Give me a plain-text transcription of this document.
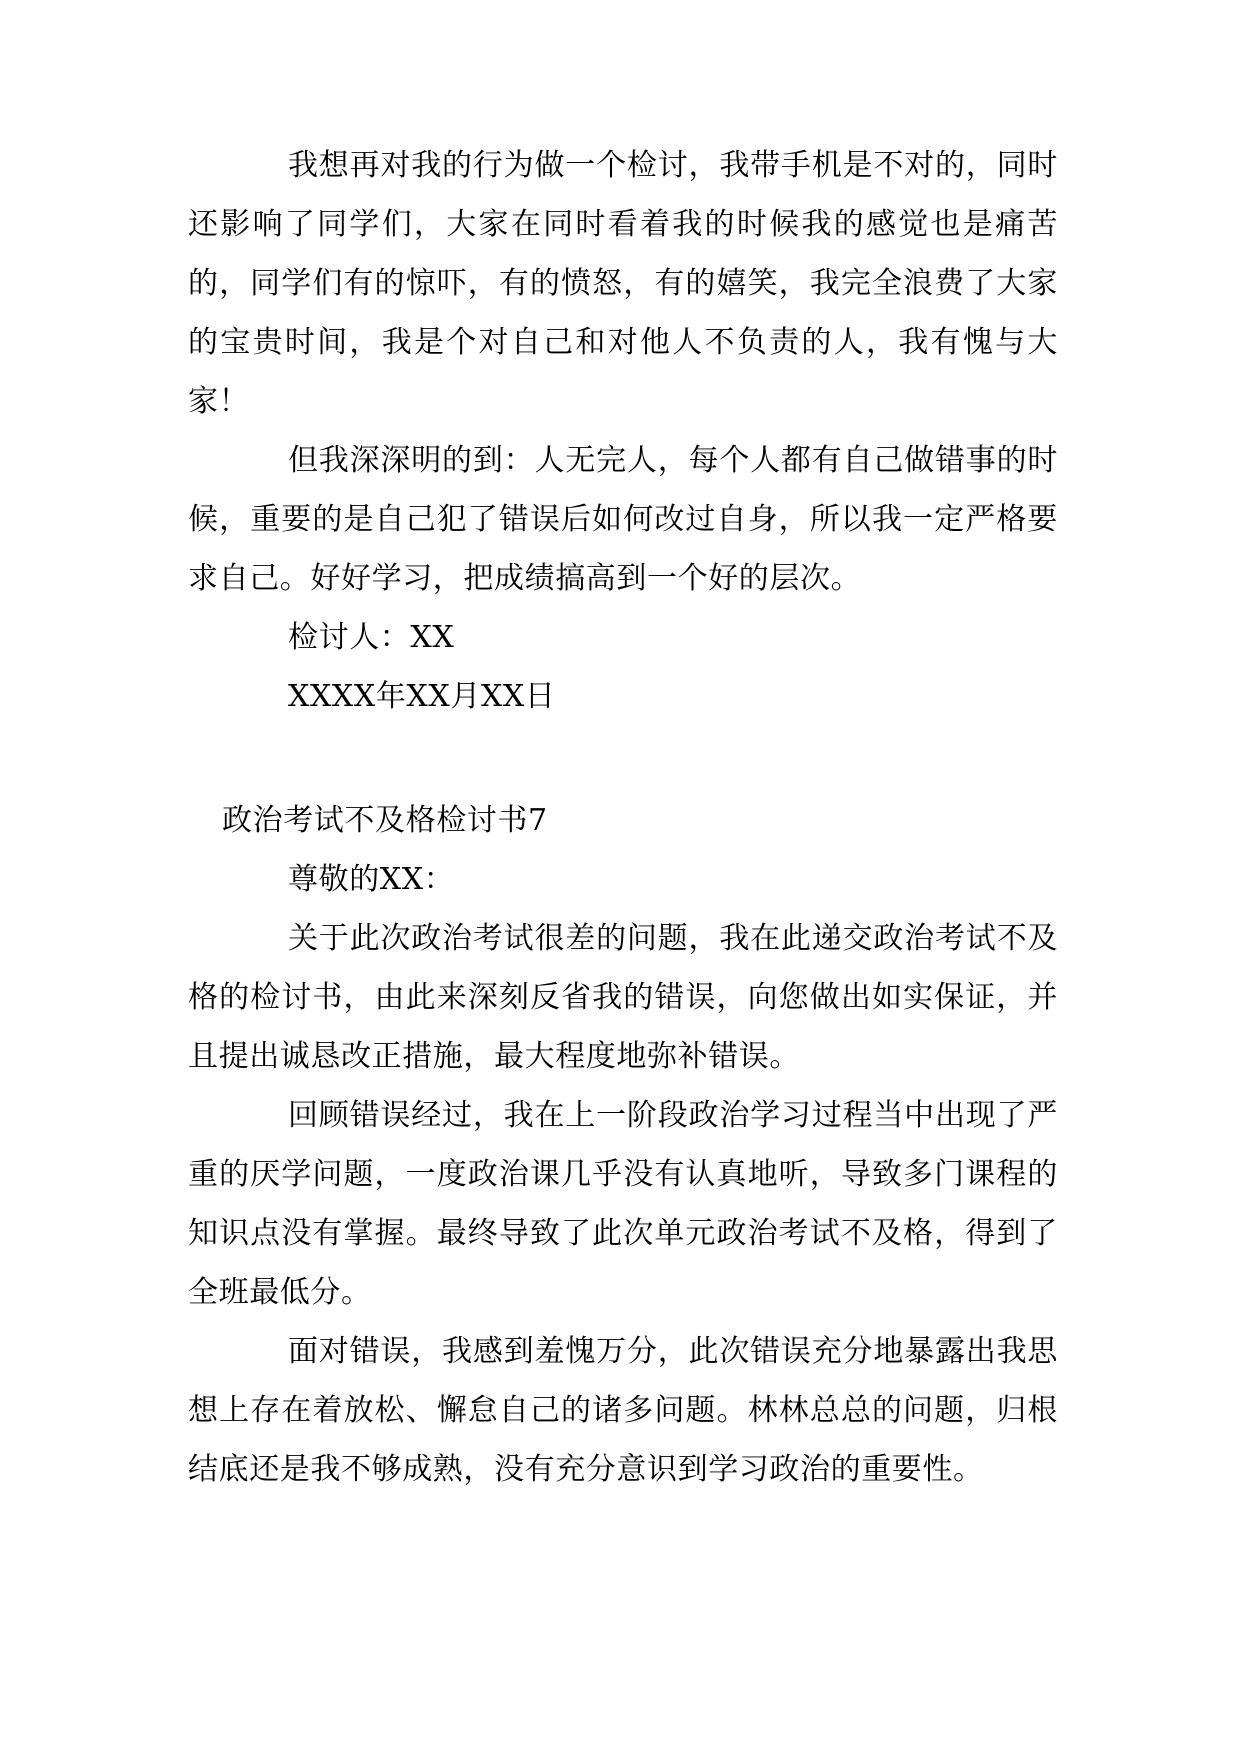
我想再对我的行为做一个检讨，我带手机是不对的，同时还影响了同学们，大家在同时看着我的时候我的感觉也是痛苦的，同学们有的惊吓，有的愤怒，有的嬉笑，我完全浪费了大家的宝贵时间，我是个对自己和对他人不负责的人，我有愧与大家！

但我深深明的到：人无完人，每个人都有自己做错事的时候，重要的是自己犯了错误后如何改过自身，所以我一定严格要求自己。好好学习，把成绩搞高到一个好的层次。

检讨人：XX
XXXX年XX月XX日
政治考试不及格检讨书7
尊敬的XX：

关于此次政治考试很差的问题，我在此递交政治考试不及格的检讨书，由此来深刻反省我的错误，向您做出如实保证，并且提出诚恳改正措施，最大程度地弥补错误。

回顾错误经过，我在上一阶段政治学习过程当中出现了严重的厌学问题，一度政治课几乎没有认真地听，导致多门课程的知识点没有掌握。最终导致了此次单元政治考试不及格，得到了全班最低分。

面对错误，我感到羞愧万分，此次错误充分地暴露出我思想上存在着放松、懈怠自己的诸多问题。林林总总的问题，归根结底还是我不够成熟，没有充分意识到学习政治的重要性。
